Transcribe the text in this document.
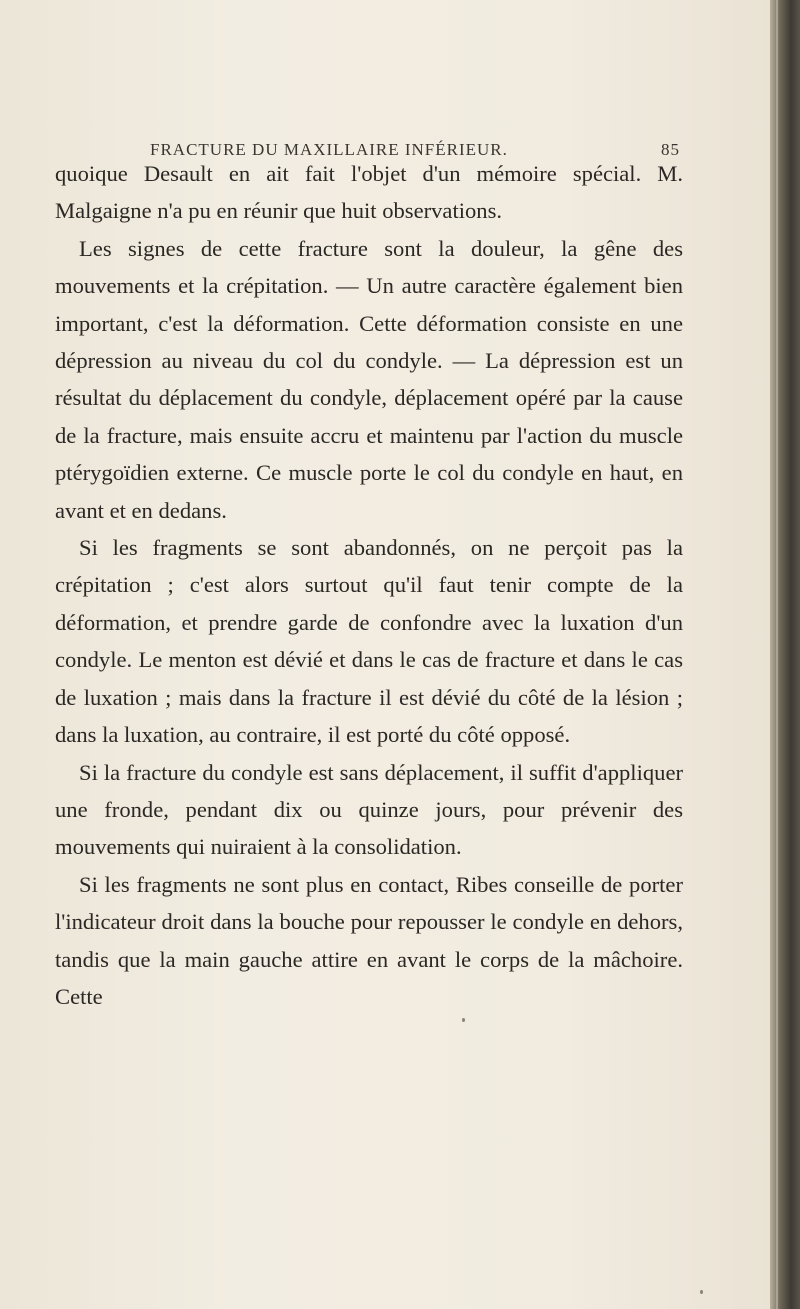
FRACTURE DU MAXILLAIRE INFÉRIEUR.	85

quoique Desault en ait fait l'objet d'un mémoire spécial. M. Malgaigne n'a pu en réunir que huit observations.

Les signes de cette fracture sont la douleur, la gêne des mouvements et la crépitation. — Un autre caractère également bien important, c'est la déformation. Cette déformation consiste en une dépression au niveau du col du condyle. — La dépression est un résultat du déplacement du condyle, déplacement opéré par la cause de la fracture, mais ensuite accru et maintenu par l'action du muscle ptérygoïdien externe. Ce muscle porte le col du condyle en haut, en avant et en dedans.

Si les fragments se sont abandonnés, on ne perçoit pas la crépitation ; c'est alors surtout qu'il faut tenir compte de la déformation, et prendre garde de confondre avec la luxation d'un condyle. Le menton est dévié et dans le cas de fracture et dans le cas de luxation ; mais dans la fracture il est dévié du côté de la lésion ; dans la luxation, au contraire, il est porté du côté opposé.

Si la fracture du condyle est sans déplacement, il suffit d'appliquer une fronde, pendant dix ou quinze jours, pour prévenir des mouvements qui nuiraient à la consolidation.

Si les fragments ne sont plus en contact, Ribes conseille de porter l'indicateur droit dans la bouche pour repousser le condyle en dehors, tandis que la main gauche attire en avant le corps de la mâchoire. Cette
